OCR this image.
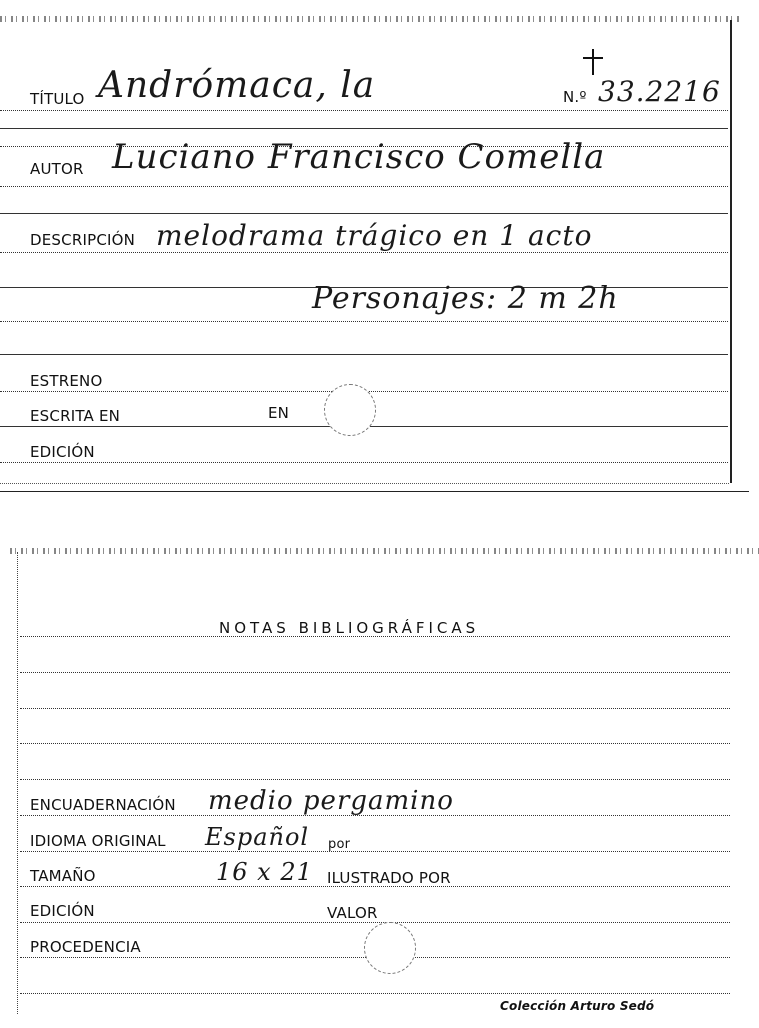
TÍTULO Andrómaca, la	N.º 33.2216
AUTOR Luciano Francisco Comella
DESCRIPCIÓN melodrama trágico en 1 acto
Personajes: 2 m 2h
ESTRENO
ESCRITA EN	EN
EDICIÓN
NOTAS BIBLIOGRÁFICAS
ENCUADERNACIÓN medio pergamino
IDIOMA ORIGINAL Español por
TAMAÑO	16 x 21 ILUSTRADO POR
EDICIÓN	VALOR
PROCEDENCIA
Colección Arturo Sedó
